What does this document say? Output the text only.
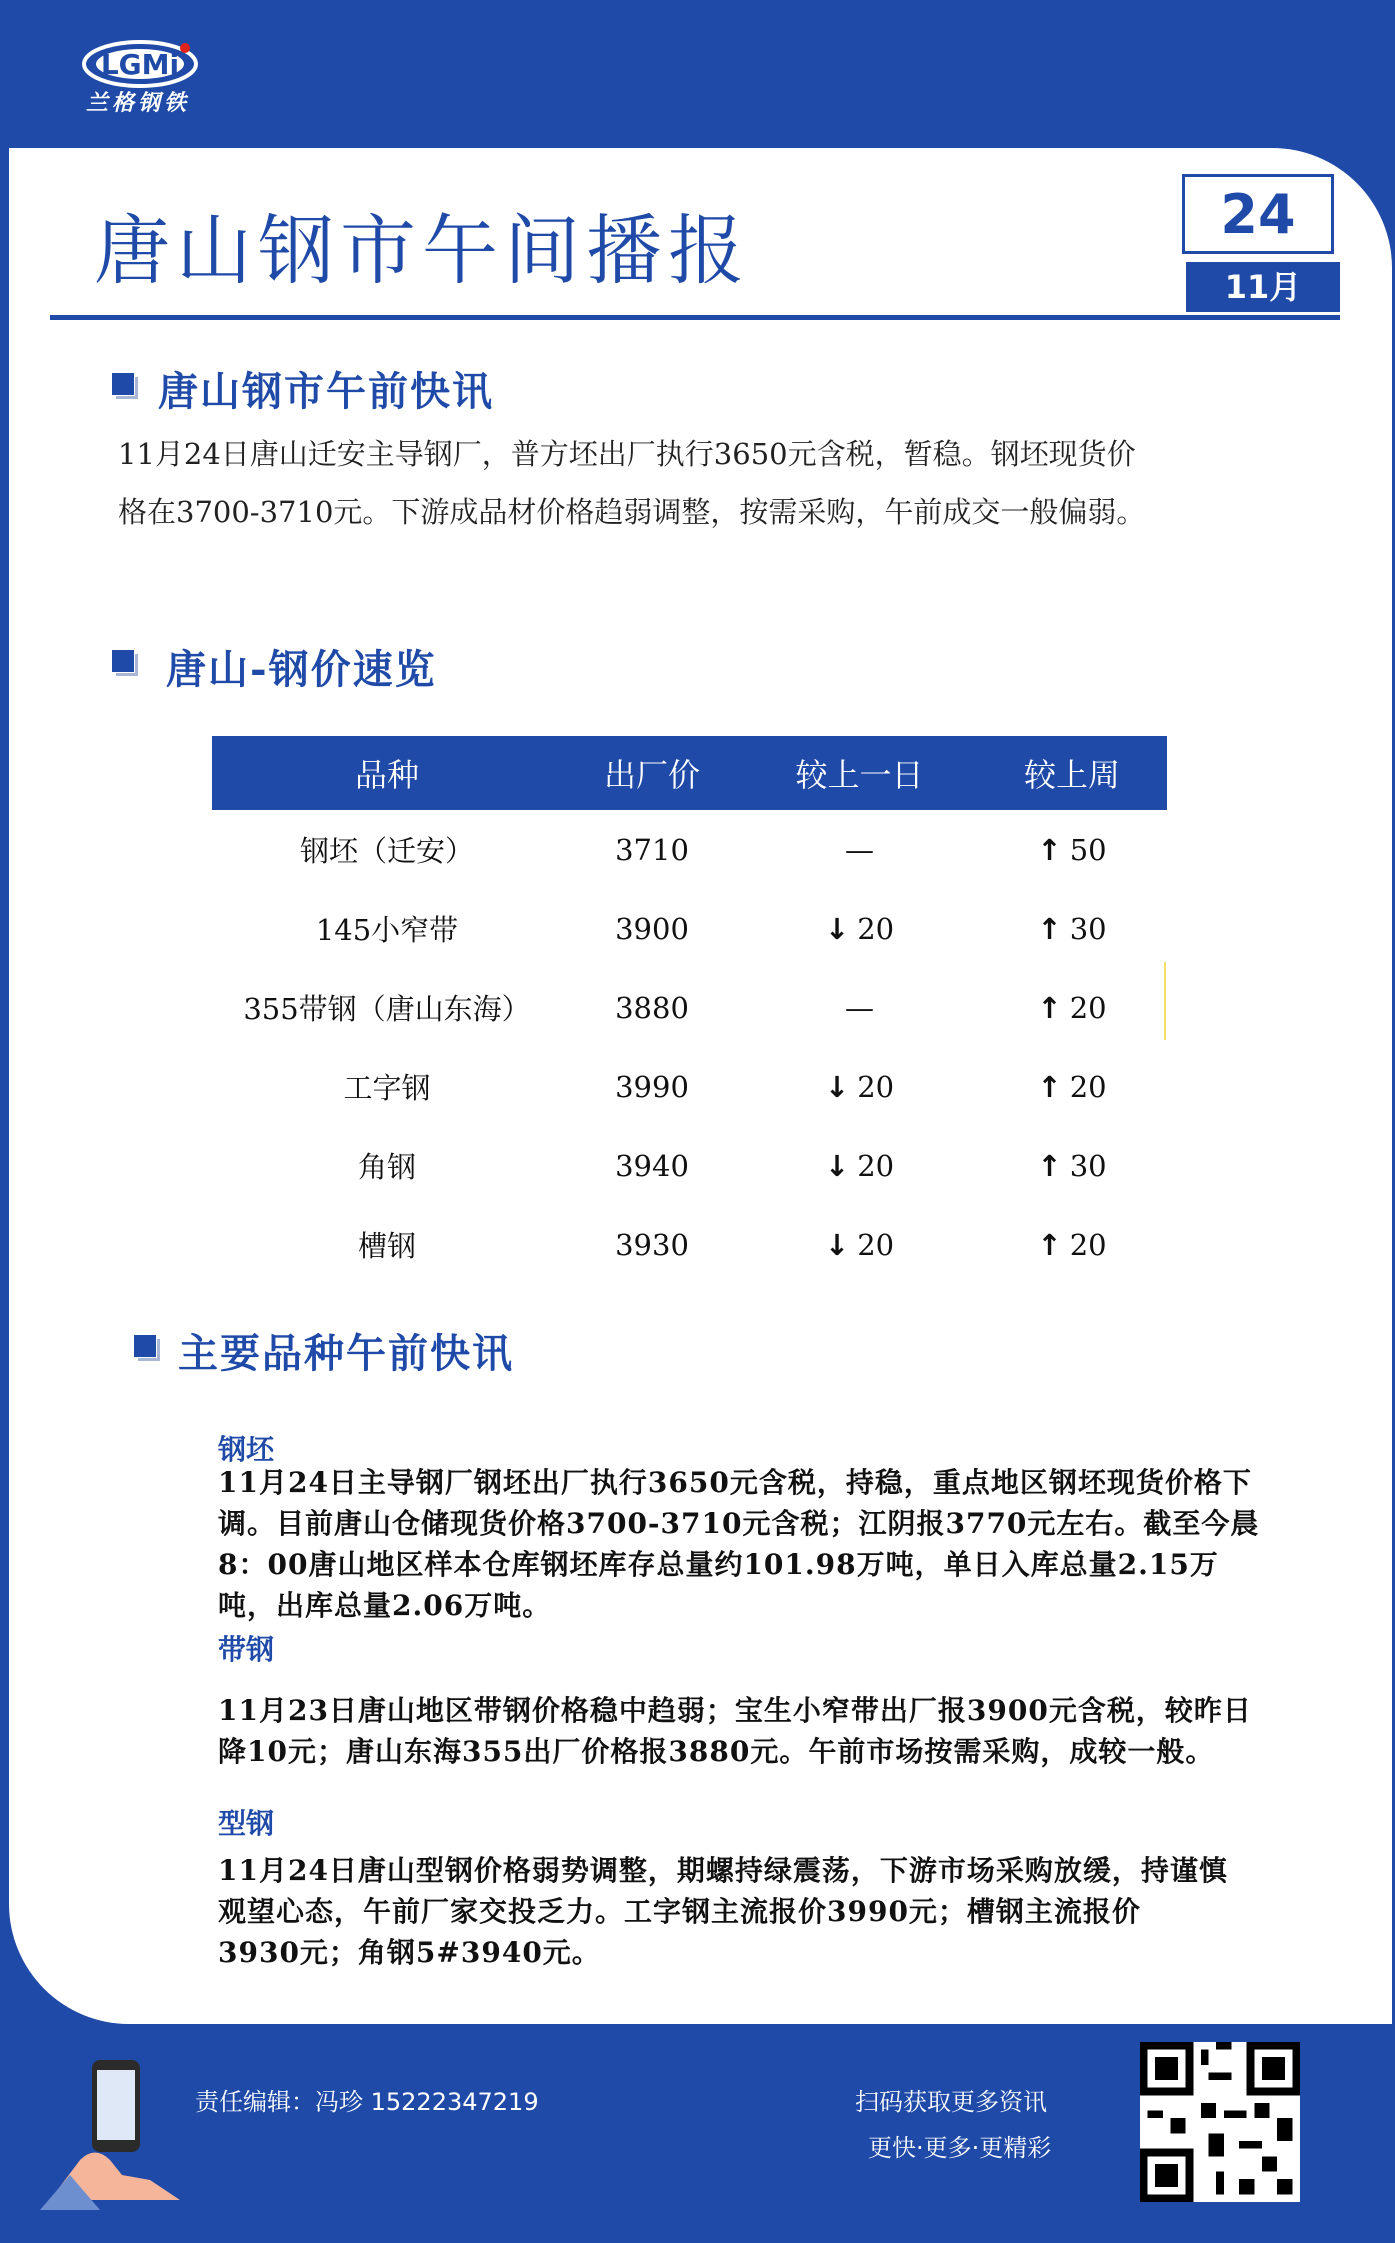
LGMi
兰格钢铁
唐山钢市午间播报	24
11月
唐山钢市午前快讯
11月24日唐山迁安主导钢厂，普方坯出厂执行3650元含税，暂稳。钢坯现货价
格在3700-3710元。下游成品材价格趋弱调整，按需采购，午前成交一般偏弱。
唐山-钢价速览
品种	出厂价	较上一日	较上周
钢坯（迁安）	3710	—	↑ 50
145小窄带	3900	↓ 20	↑ 30
355带钢（唐山东海）	3880	—	↑ 20
工字钢	3990	↓ 20	↑ 20
角钢	3940	↓ 20	↑ 30
槽钢	3930	↓ 20	↑ 20
主要品种午前快讯
钢坯
11月24日主导钢厂钢坯出厂执行3650元含税，持稳，重点地区钢坯现货价格下
调。目前唐山仓储现货价格3700-3710元含税；江阴报3770元左右。截至今晨
8：00唐山地区样本仓库钢坯库存总量约101.98万吨，单日入库总量2.15万
吨，出库总量2.06万吨。
带钢
11月23日唐山地区带钢价格稳中趋弱；宝生小窄带出厂报3900元含税，较昨日
降10元；唐山东海355出厂价格报3880元。午前市场按需采购，成较一般。
型钢
11月24日唐山型钢价格弱势调整，期螺持绿震荡，下游市场采购放缓，持谨慎
观望心态，午前厂家交投乏力。工字钢主流报价3990元；槽钢主流报价
3930元；角钢5#3940元。
责任编辑：冯珍 15222347219	扫码获取更多资讯
更快·更多·更精彩
